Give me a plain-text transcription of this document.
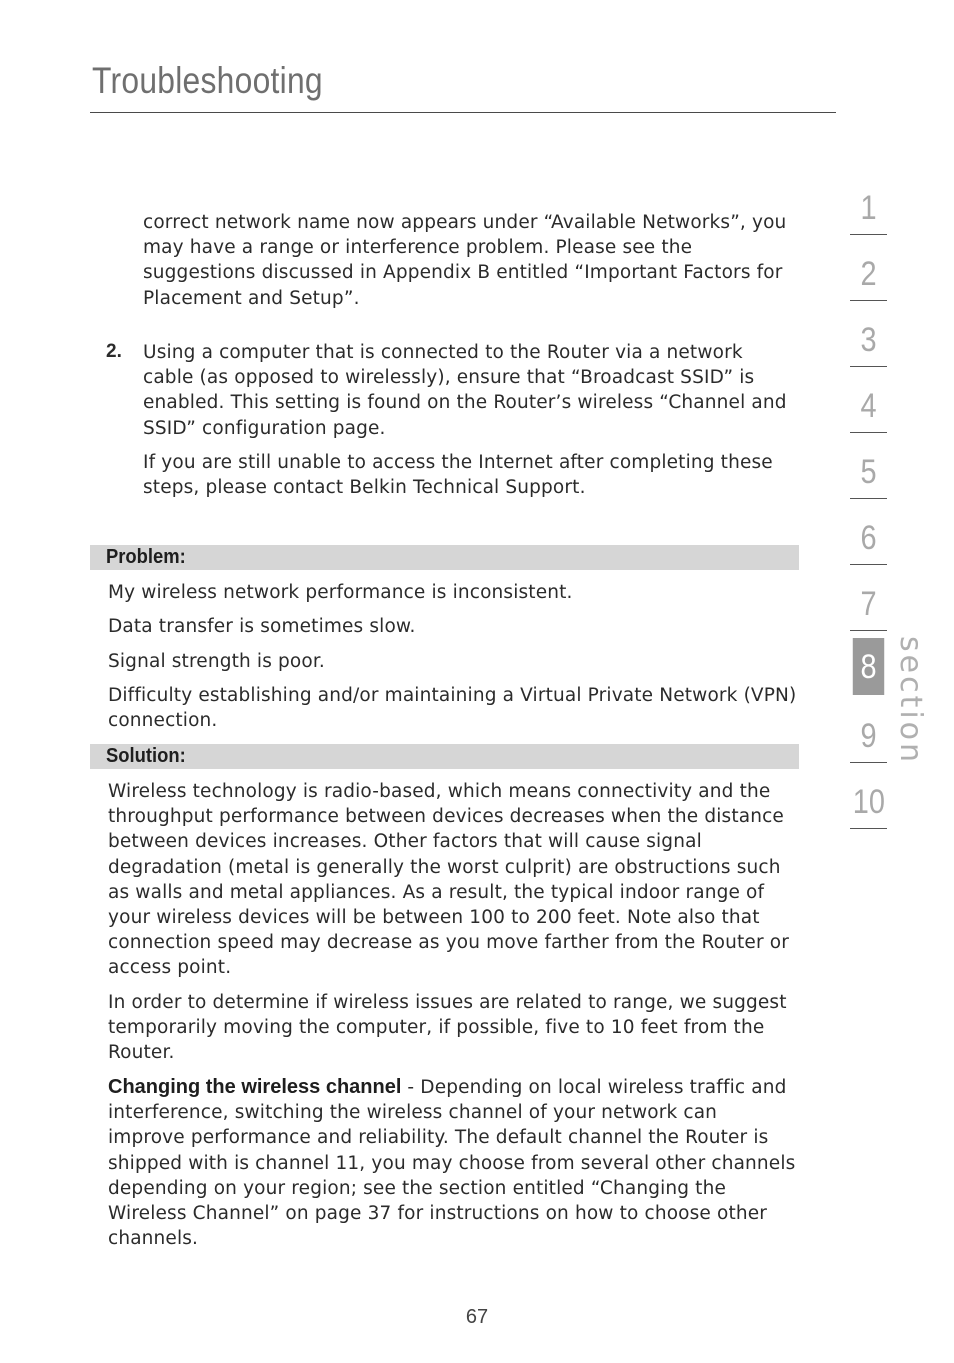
Troubleshooting

correct network name now appears under “Available Networks”, you may have a range or interference problem. Please see the suggestions discussed in Appendix B entitled “Important Factors for Placement and Setup”.

2. Using a computer that is connected to the Router via a network cable (as opposed to wirelessly), ensure that “Broadcast SSID” is enabled. This setting is found on the Router’s wireless “Channel and SSID” configuration page.

If you are still unable to access the Internet after completing these steps, please contact Belkin Technical Support.

Problem:

My wireless network performance is inconsistent.

Data transfer is sometimes slow.

Signal strength is poor.

Difficulty establishing and/or maintaining a Virtual Private Network (VPN) connection.

Solution:

Wireless technology is radio-based, which means connectivity and the throughput performance between devices decreases when the distance between devices increases. Other factors that will cause signal degradation (metal is generally the worst culprit) are obstructions such as walls and metal appliances. As a result, the typical indoor range of your wireless devices will be between 100 to 200 feet. Note also that connection speed may decrease as you move farther from the Router or access point.

In order to determine if wireless issues are related to range, we suggest temporarily moving the computer, if possible, five to 10 feet from the Router.

Changing the wireless channel - Depending on local wireless traffic and interference, switching the wireless channel of your network can improve performance and reliability. The default channel the Router is shipped with is channel 11, you may choose from several other channels depending on your region; see the section entitled “Changing the Wireless Channel” on page 37 for instructions on how to choose other channels.

1
2
3
4
5
6
7
8
9
10
section
67
